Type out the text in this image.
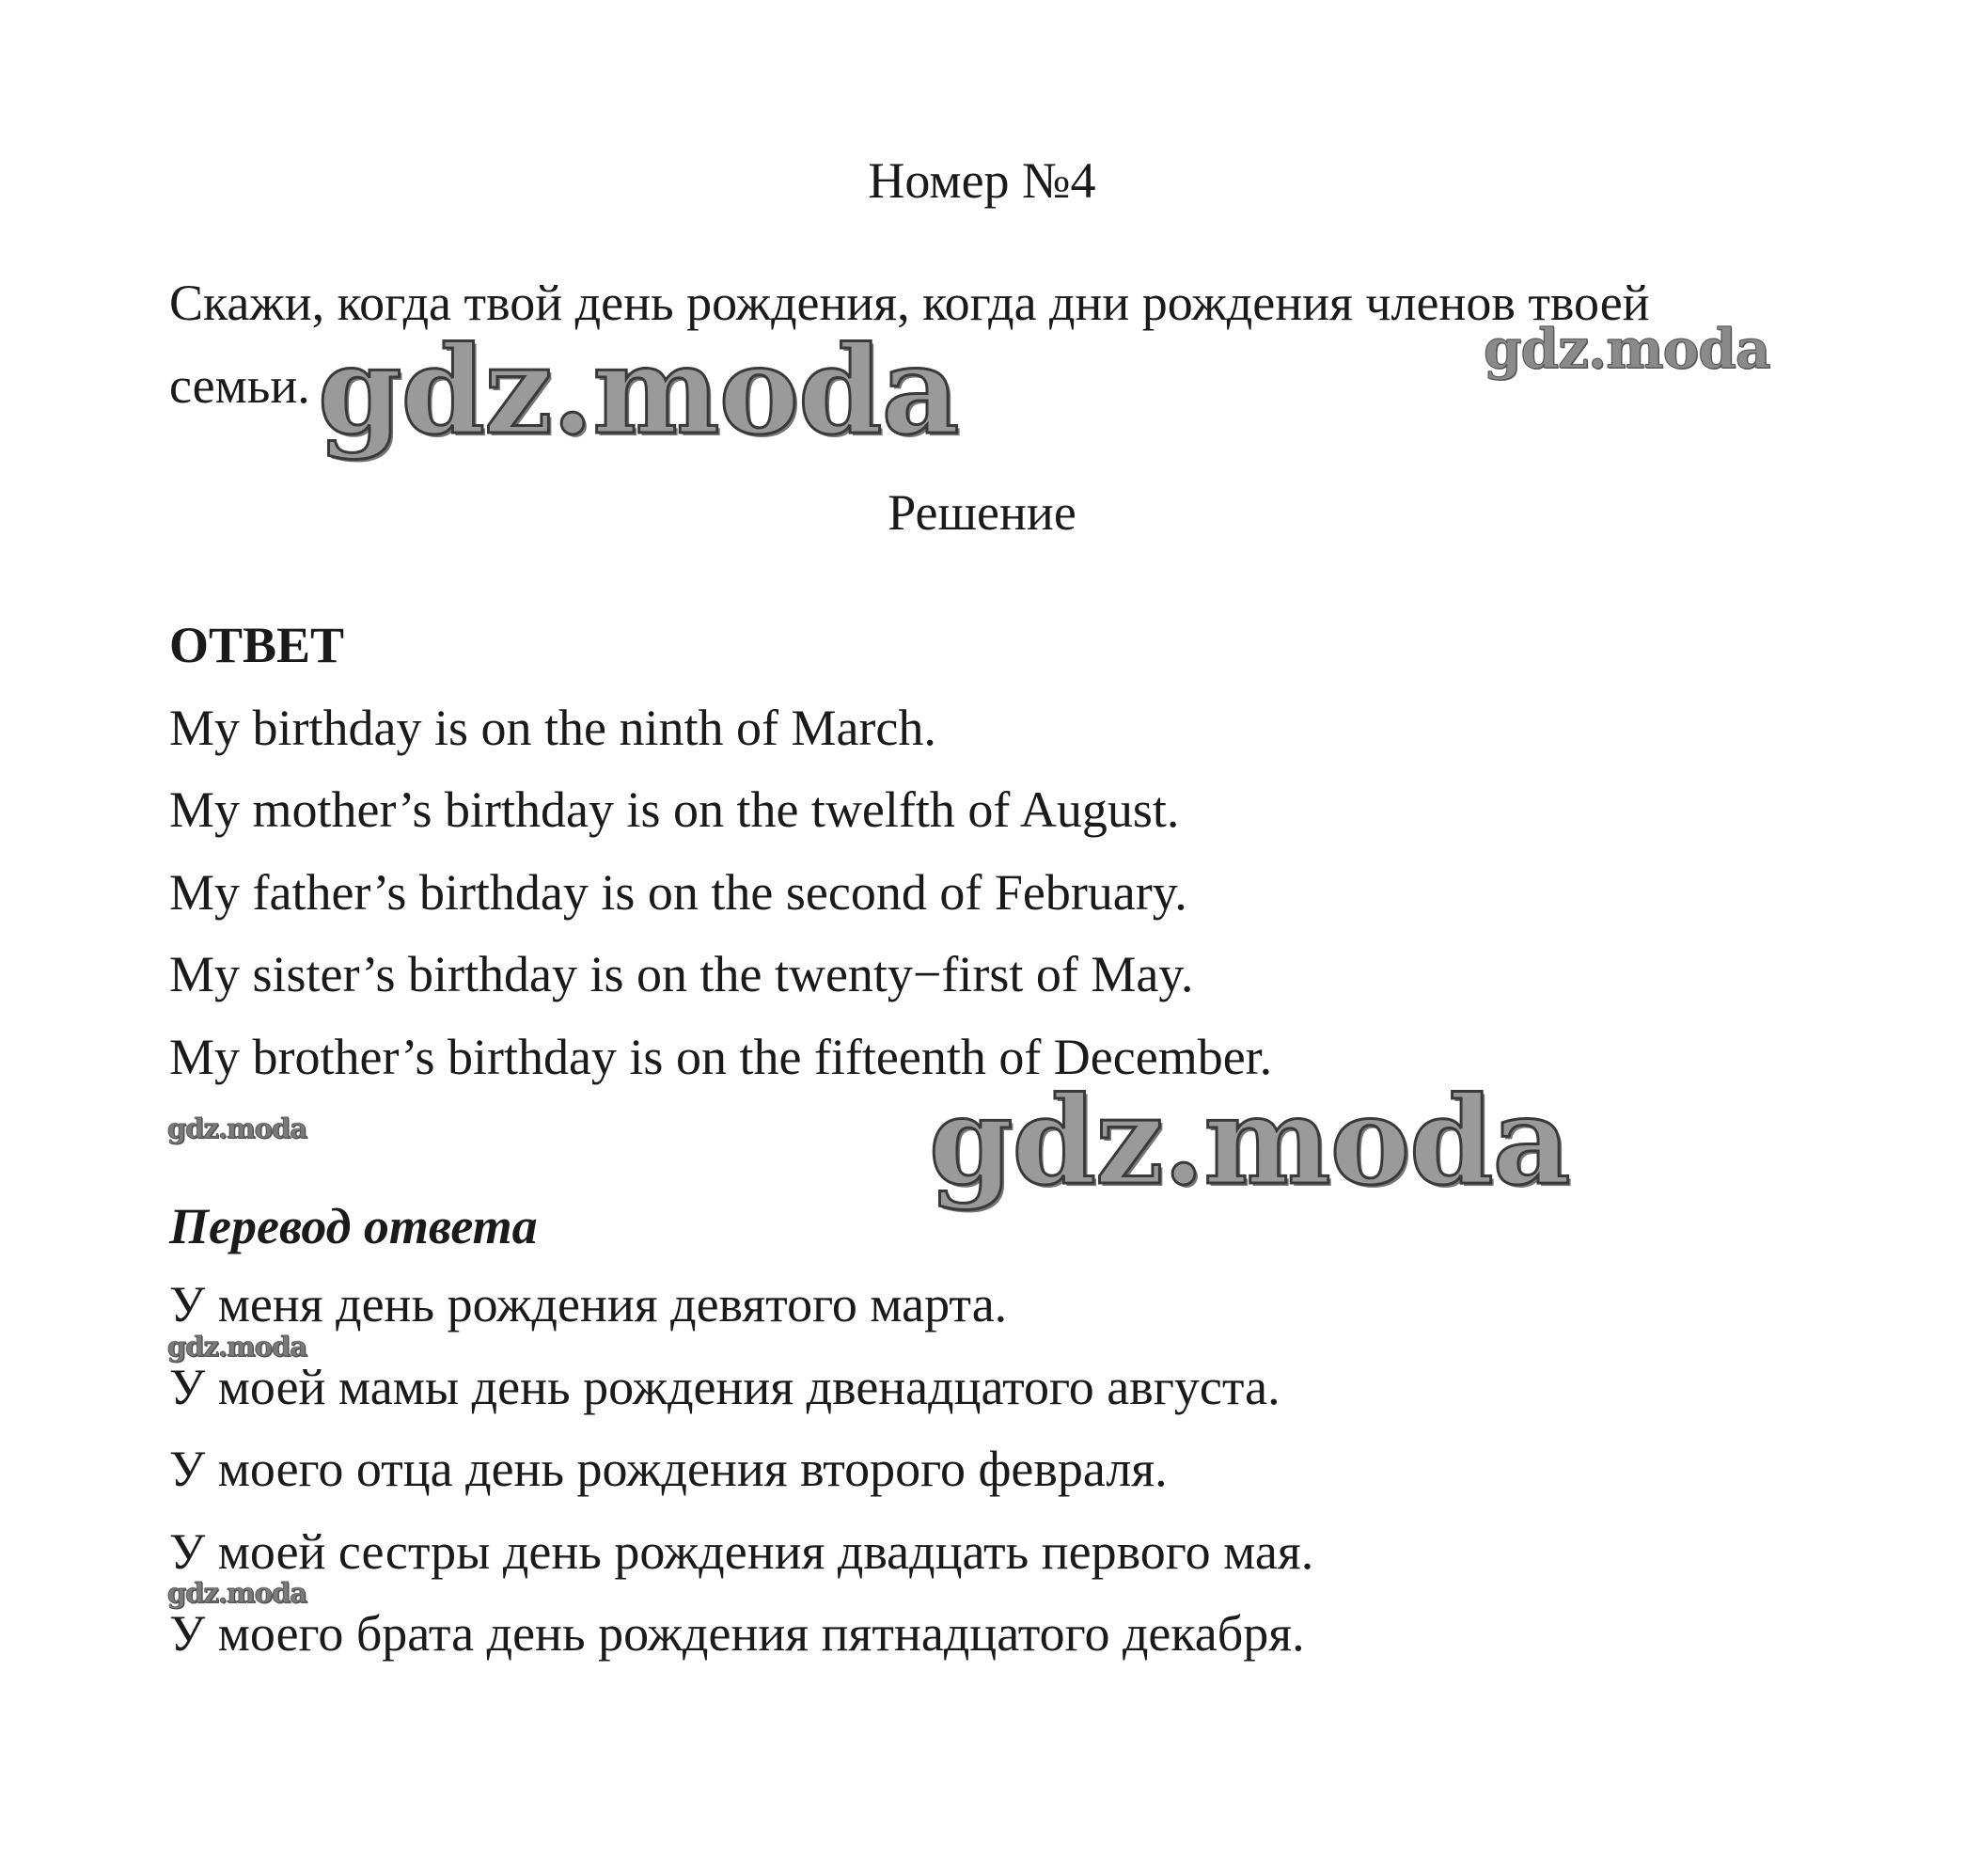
Номер №4
Скажи, когда твой день рождения, когда дни рождения членов твоей
семьи.
gdz.moda
gdz.moda
Решение
ОТВЕТ
My birthday is on the ninth of March.
My mother’s birthday is on the twelfth of August.
My father’s birthday is on the second of February.
My sister’s birthday is on the twenty−first of May.
My brother’s birthday is on the fifteenth of December.
gdz.moda	gdz.moda
Перевод ответа
У меня день рождения девятого марта.
gdz.moda
У моей мамы день рождения двенадцатого августа.
У моего отца день рождения второго февраля.
У моей сестры день рождения двадцать первого мая.
gdz.moda
У моего брата день рождения пятнадцатого декабря.
